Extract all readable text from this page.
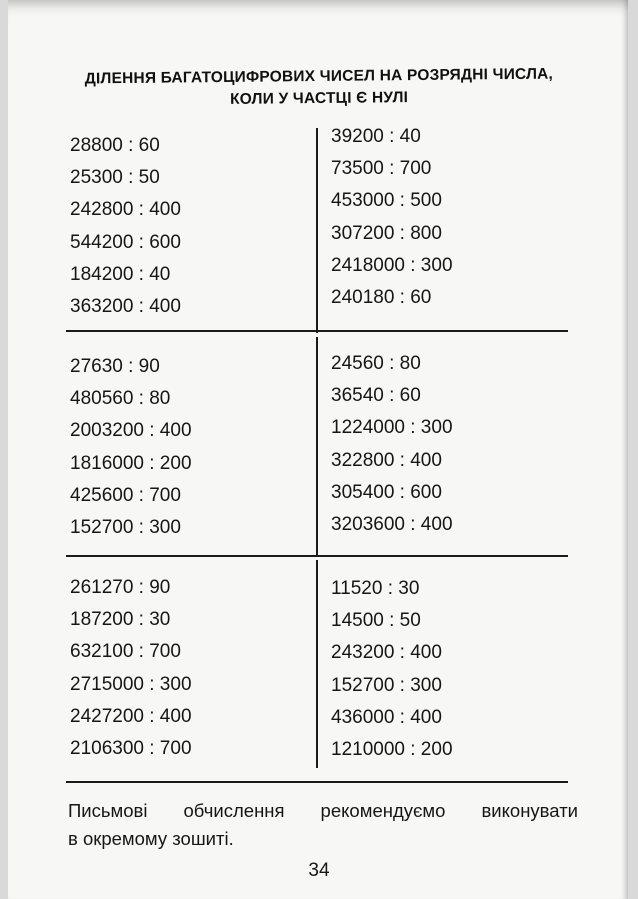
ДІЛЕННЯ БАГАТОЦИФРОВИХ ЧИСЕЛ НА РОЗРЯДНІ ЧИСЛА,
КОЛИ У ЧАСТЦІ Є НУЛІ
28800 : 60
25300 : 50
242800 : 400
544200 : 600
184200 : 40
363200 : 400
39200 : 40
73500 : 700
453000 : 500
307200 : 800
2418000 : 300
240180 : 60
27630 : 90
480560 : 80
2003200 : 400
1816000 : 200
425600 : 700
152700 : 300
24560 : 80
36540 : 60
1224000 : 300
322800 : 400
305400 : 600
3203600 : 400
261270 : 90
187200 : 30
632100 : 700
2715000 : 300
2427200 : 400
2106300 : 700
11520 : 30
14500 : 50
243200 : 400
152700 : 300
436000 : 400
1210000 : 200
Письмові обчислення рекомендуємо виконувати
в окремому зошиті.
34
